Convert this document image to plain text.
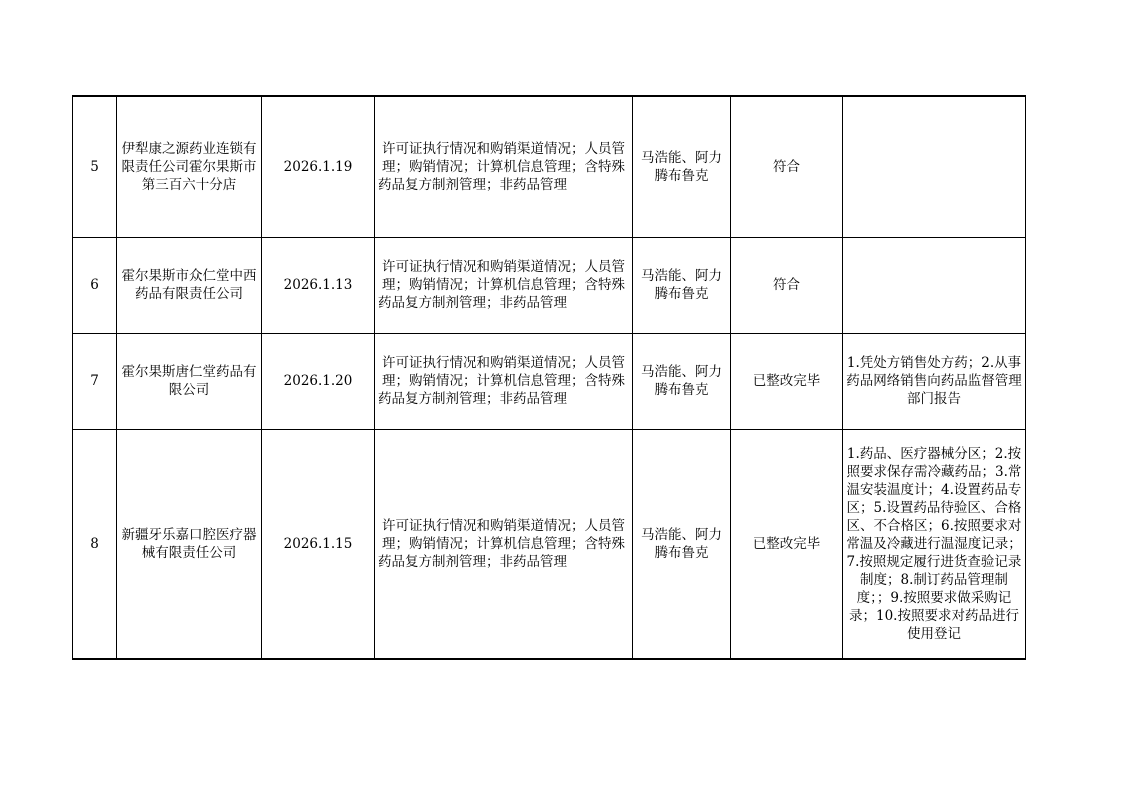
5	伊犁康之源药业连锁有限责任公司霍尔果斯市第三百六十分店	2026.1.19	许可证执行情况和购销渠道情况；人员管理；购销情况；计算机信息管理；含特殊药品复方制剂管理；非药品管理	马浩能、阿力腾布鲁克	符合	
6	霍尔果斯市众仁堂中西药品有限责任公司	2026.1.13	许可证执行情况和购销渠道情况；人员管理；购销情况；计算机信息管理；含特殊药品复方制剂管理；非药品管理	马浩能、阿力腾布鲁克	符合	
7	霍尔果斯唐仁堂药品有限公司	2026.1.20	许可证执行情况和购销渠道情况；人员管理；购销情况；计算机信息管理；含特殊药品复方制剂管理；非药品管理	马浩能、阿力腾布鲁克	已整改完毕	1.凭处方销售处方药；2.从事药品网络销售向药品监督管理部门报告
8	新疆牙乐嘉口腔医疗器械有限责任公司	2026.1.15	许可证执行情况和购销渠道情况；人员管理；购销情况；计算机信息管理；含特殊药品复方制剂管理；非药品管理	马浩能、阿力腾布鲁克	已整改完毕	1.药品、医疗器械分区；2.按照要求保存需冷藏药品；3.常温安装温度计；4.设置药品专区；5.设置药品待验区、合格区、不合格区；6.按照要求对常温及冷藏进行温湿度记录；7.按照规定履行进货查验记录制度；8.制订药品管理制度；；9.按照要求做采购记录；10.按照要求对药品进行使用登记
